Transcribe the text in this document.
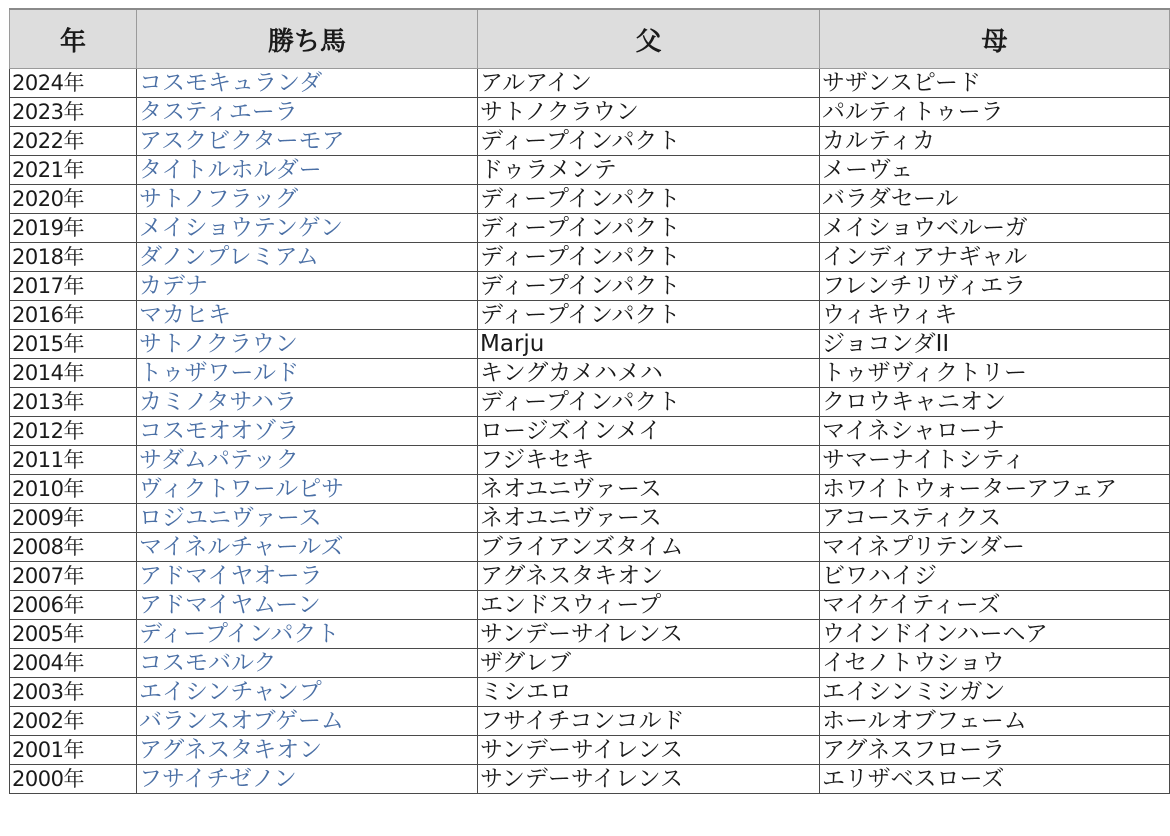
年	勝ち馬	父	母
2024年	コスモキュランダ	アルアイン	サザンスピード
2023年	タスティエーラ	サトノクラウン	パルティトゥーラ
2022年	アスクビクターモア	ディープインパクト	カルティカ
2021年	タイトルホルダー	ドゥラメンテ	メーヴェ
2020年	サトノフラッグ	ディープインパクト	バラダセール
2019年	メイショウテンゲン	ディープインパクト	メイショウベルーガ
2018年	ダノンプレミアム	ディープインパクト	インディアナギャル
2017年	カデナ	ディープインパクト	フレンチリヴィエラ
2016年	マカヒキ	ディープインパクト	ウィキウィキ
2015年	サトノクラウン	Marju	ジョコンダII
2014年	トゥザワールド	キングカメハメハ	トゥザヴィクトリー
2013年	カミノタサハラ	ディープインパクト	クロウキャニオン
2012年	コスモオオゾラ	ロージズインメイ	マイネシャローナ
2011年	サダムパテック	フジキセキ	サマーナイトシティ
2010年	ヴィクトワールピサ	ネオユニヴァース	ホワイトウォーターアフェア
2009年	ロジユニヴァース	ネオユニヴァース	アコースティクス
2008年	マイネルチャールズ	ブライアンズタイム	マイネプリテンダー
2007年	アドマイヤオーラ	アグネスタキオン	ビワハイジ
2006年	アドマイヤムーン	エンドスウィープ	マイケイティーズ
2005年	ディープインパクト	サンデーサイレンス	ウインドインハーヘア
2004年	コスモバルク	ザグレブ	イセノトウショウ
2003年	エイシンチャンプ	ミシエロ	エイシンミシガン
2002年	バランスオブゲーム	フサイチコンコルド	ホールオブフェーム
2001年	アグネスタキオン	サンデーサイレンス	アグネスフローラ
2000年	フサイチゼノン	サンデーサイレンス	エリザベスローズ
